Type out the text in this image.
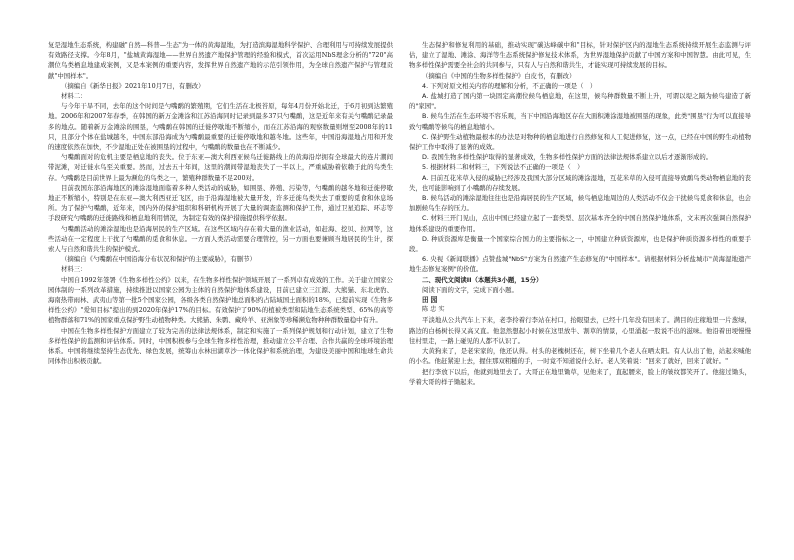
复是湿地生态系统，构建融"自然—科普—生态"为一体的黄海湿地，为打造滨海湿地科学保护、合理利用与可持续发展提供有效路径支撑。今年8月，"盐城黄海湿地——世界自然遗产地保护管理的经验和模式，首次运用NbS理念分析的"720"高潮位鸟类栖息地建成案例，又是本案例的重要内容，发挥世界自然遗产地的示范引领作用，为全球自然遗产保护与管理贡献"中国样本"。

（摘编自《新华日报》2021年10月7日，有删改）

材料二：

与今年干旱不同，去年的这个时间是勺嘴鹬的繁殖期，它们生活在北极苔原，每年4月份开始北迁，于6月初到达繁殖地。2006年和2007年春季，在韩国的新万金滩涂和江苏沿海同时记录到最多37只勺嘴鹬，这是近年来有关勺嘴鹬记录最多的地点。随着新万金滩涂的围垦，勺嘴鹬在韩国的迁徙停歇地不断缩小，而在江苏沿海的观察数量则增至2008年的11只，且部分个体在盐城越冬，中国东部沿海成为勺嘴鹬最重要的迁徙停歇地和越冬地。这些年，中国沿海湿地占用和开发的速度依然在加快，不少湿地正处在被围垦的过程中，勺嘴鹬的数量也在不断减少。

勺嘴鹬面对的危机主要是栖息地的丧失。位于东亚—澳大利西亚候鸟迁徙路线上的黄海沿岸拥有全球最大的连片潮间带泥滩，对迁徙水鸟至关重要。然而，过去五十年间，这里的潮间带湿地丧失了一半以上，严重威胁着依赖于此的鸟类生存。勺嘴鹬是目前世界上最为濒危的鸟类之一，繁殖种群数量不足200对。

目前我国东部沿海地区的滩涂湿地面临着多种人类活动的威胁，如围垦、养殖、污染等，勺嘴鹬的越冬地和迁徙停歇地正不断缩小，特别是在东亚—澳大利西亚迁飞区，由于沿海湿地被大量开发，许多迁徙鸟类失去了重要的觅食和休息场所。为了保护勺嘴鹬，近年来，国内外的保护组织和科研机构开展了大量的调查监测和保护工作，通过卫星追踪、环志等手段研究勺嘴鹬的迁徙路线和栖息地利用情况，为制定有效的保护措施提供科学依据。

勺嘴鹬活动的滩涂湿地也是沿海居民的生产区域。在这些区域内存在着大量的渔业活动，如赶海、挖贝、拉网等，这些活动在一定程度上干扰了勺嘴鹬的觅食和休息。一方面人类活动需要合理管控，另一方面也要兼顾当地居民的生计，探索人与自然和谐共生的保护模式。

（摘编自《勺嘴鹬在中国沿海分布状况和保护的主要威胁》，有删节）

材料三：

中国自1992年签署《生物多样性公约》以来，在生物多样性保护领域开展了一系列卓有成效的工作。关于建立国家公园体制的一系列改革措施，持续推进以国家公园为主体的自然保护地体系建设，目前已建立三江源、大熊猫、东北虎豹、海南热带雨林、武夷山等第一批5个国家公园，各级各类自然保护地总面积约占陆域国土面积的18%，已提前实现《生物多样性公约》"爱知目标"提出的到2020年保护17%的目标。有效保护了90%的植被类型和陆地生态系统类型、65%的高等植物群落和71%的国家重点保护野生动植物种类。大熊猫、朱鹮、藏羚羊、亚洲象等珍稀濒危物种种群数量稳中有升。

中国在生物多样性保护方面建立了较为完善的法律法规体系，制定和实施了一系列保护规划和行动计划，建立了生物多样性保护的监测和评估体系。同时，中国积极参与全球生物多样性治理，推动建立公平合理、合作共赢的全球环境治理体系。中国将继续坚持生态优先、绿色发展，统筹山水林田湖草沙一体化保护和系统治理，为建设美丽中国和地球生命共同体作出积极贡献。

生态保护和修复利用的基础，推动实现"碳达峰碳中和"目标，针对保护区内的湿地生态系统持续开展生态监测与评估，建立了湿地、滩涂、海洋等生态系统保护修复技术体系，为世界湿地保护贡献了中国方案和中国智慧。由此可见，生物多样性保护需要全社会的共同参与，只有人与自然和谐共生，才能实现可持续发展的目标。

（摘编自《中国的生物多样性保护》白皮书，有删改）

4. 下列对原文相关内容的理解和分析，不正确的一项是（　）

A. 盐城打造了国内第一块固定高潮位候鸟栖息地，在这里，候鸟种群数量不断上升，可谓以堤之隔为候鸟建造了新的"家园"。

B. 候鸟生活在生态环境不容乐观，当下中国沿海地区存在大面积滩涂湿地被围垦的现象，此类"围垦"行为可以直接导致勺嘴鹬等候鸟的栖息地缩小。

C. 保护野生动植物最根本的办法是对物种的栖息地进行自然修复和人工促进修复，这一点，已经在中国的野生动植物保护工作中取得了显著的成效。

D. 我国生物多样性保护取得的显著成效，生物多样性保护方面的法律法规体系建立以后才逐渐形成的。

5. 根据材料二和材料三，下列说法不正确的一项是（　）

A. 目前互花米草入侵的威胁已经涉及我国大部分区域的滩涂湿地，互花米草的入侵可直接导致鹬鸟类动物栖息地的丧失，也可能影响到了小嘴鹬的存续发展。

B. 候鸟活动的滩涂湿地往往也是沿海居民的生产区域，候鸟栖息地周边的人类活动不仅会干扰候鸟觅食和休息，也会加剧候鸟生存的压力。

C. 材料三开门见山，点出中国已经建立起了一套类型、层次基本齐全的中国自然保护地体系，文末再次强调自然保护地体系建设的重要作用。

D. 种质资源库是衡量一个国家综合国力的主要指标之一，中国建立种质资源库，也是保护种质资源多样性的重要手段。

6. 央视《新闻联播》点赞盐城"NbS"方案为自然遗产生态修复的"中国样本"。请根据材料分析盐城市"黄海湿地遗产地生态修复案例"的价值。

二、现代文阅读II（本题共3小题，15分）

阅读下面的文字，完成下面小题。

田园

陈忠实

平淡地从公共汽车上下来，老李拎着行李站在村口，抬眼望去，已经十几年没有回来了。满目的庄稼地里一片葱绿，路边的白杨树长得又高又直。他忽然想起小时候在这里放牛、割草的情景，心里涌起一股说不出的滋味。他沿着田埂慢慢往村里走，一路上碰见的人都不认识了。

大黄狗来了，是老宋家的，他还认得。村头的老槐树还在，树下坐着几个老人在晒太阳。有人认出了他，站起来喊他的小名。他赶紧迎上去，握住那双粗糙的手，一时竟不知道说什么好。老人笑着说："回来了就好，回来了就好。"

把行李放下以后，他就到地里去了。大哥正在地里锄草，见他来了，直起腰来，脸上的皱纹都笑开了。他接过锄头，学着大哥的样子锄起来。
